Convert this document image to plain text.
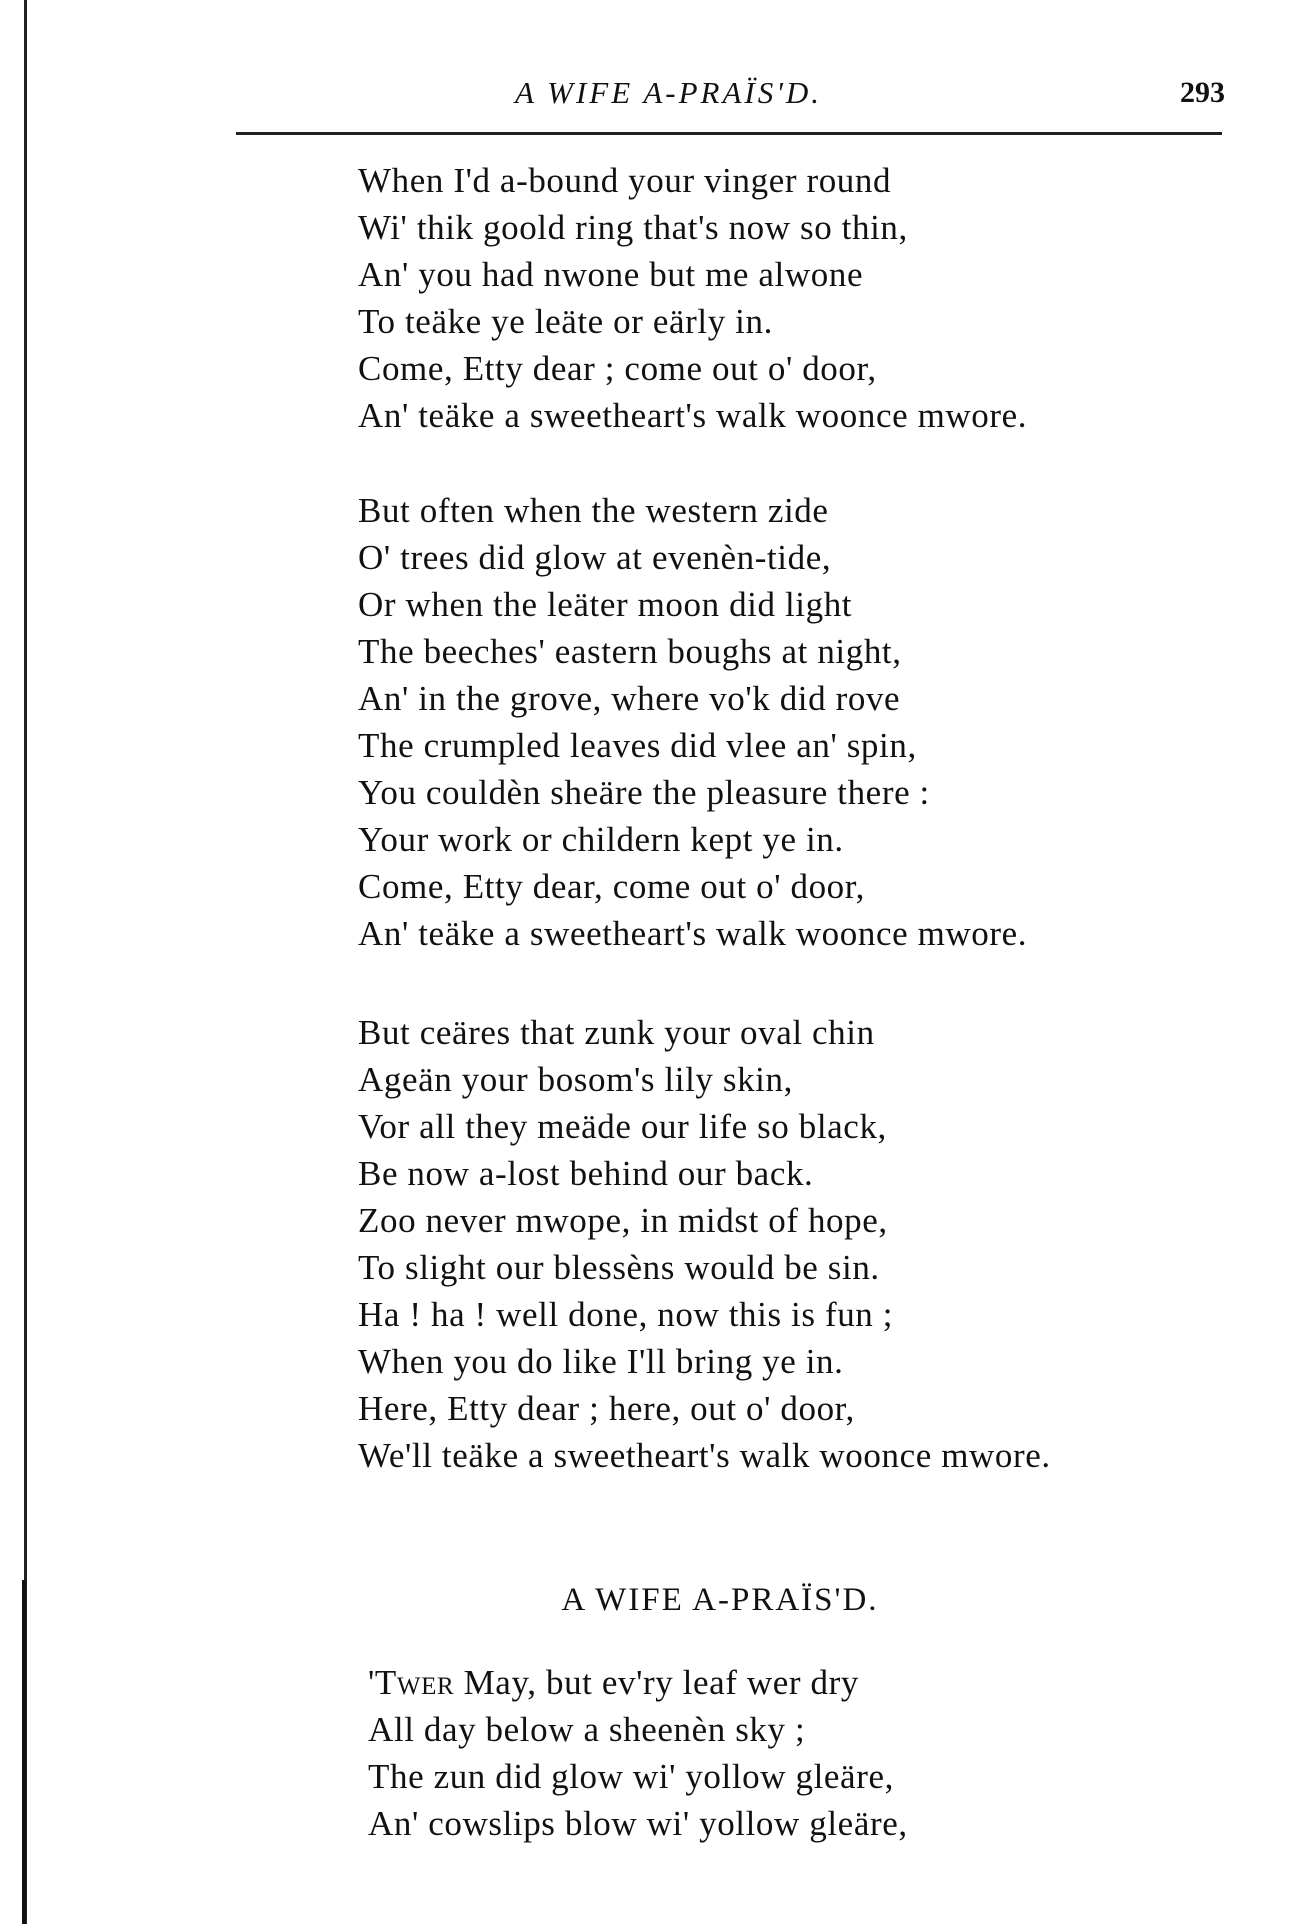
A WIFE A-PRAÏS'D.	293
When I'd a-bound your vinger round
Wi' thik goold ring that's now so thin,
An' you had nwone but me alwone
To teäke ye leäte or eärly in.
Come, Etty dear ; come out o' door,
An' teäke a sweetheart's walk woonce mwore.
But often when the western zide
O' trees did glow at evenèn-tide,
Or when the leäter moon did light
The beeches' eastern boughs at night,
An' in the grove, where vo'k did rove
The crumpled leaves did vlee an' spin,
You couldèn sheäre the pleasure there :
Your work or childern kept ye in.
Come, Etty dear, come out o' door,
An' teäke a sweetheart's walk woonce mwore.
But ceäres that zunk your oval chin
Ageän your bosom's lily skin,
Vor all they meäde our life so black,
Be now a-lost behind our back.
Zoo never mwope, in midst of hope,
To slight our blessèns would be sin.
Ha ! ha ! well done, now this is fun ;
When you do like I'll bring ye in.
Here, Etty dear ; here, out o' door,
We'll teäke a sweetheart's walk woonce mwore.
A WIFE A-PRAÏS'D.
'Twer May, but ev'ry leaf wer dry
All day below a sheenèn sky ;
The zun did glow wi' yollow gleäre,
An' cowslips blow wi' yollow gleäre,
